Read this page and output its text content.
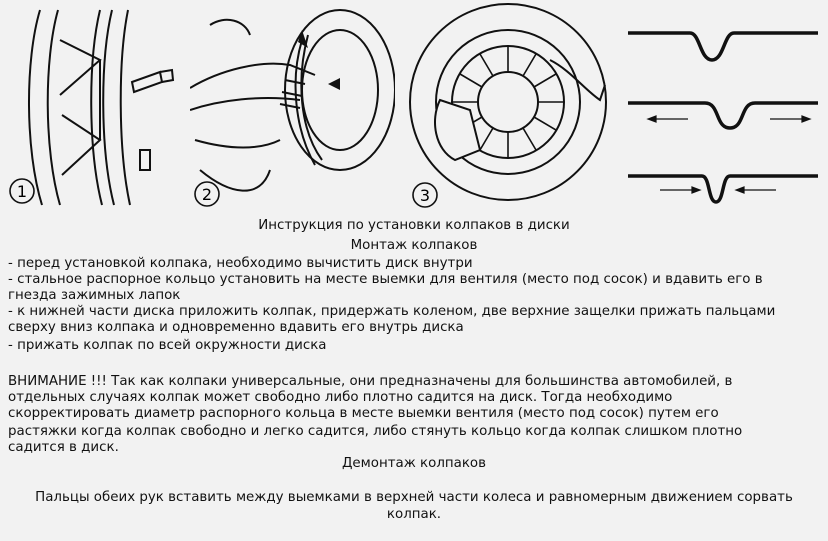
1	2	3
Инструкция по установки колпаков в диски
Монтаж колпаков
- перед установкой колпака, необходимо вычистить диск внутри
- стальное распорное кольцо установить на месте выемки для вентиля (место под сосок) и вдавить его в
гнезда зажимных лапок
- к нижней части диска приложить колпак, придержать коленом, две верхние защелки прижать пальцами
сверху вниз колпака и одновременно вдавить его внутрь диска
- прижать колпак по всей окружности диска
ВНИМАНИЕ !!! Так как колпаки универсальные, они предназначены для большинства автомобилей, в
отдельных случаях колпак может свободно либо плотно садится на диск. Тогда необходимо
скорректировать диаметр распорного кольца в месте выемки вентиля (место под сосок) путем его
растяжки когда колпак свободно и легко садится, либо стянуть кольцо когда колпак слишком плотно
садится в диск.
Демонтаж колпаков
Пальцы обеих рук вставить между выемками в верхней части колеса и равномерным движением сорвать
колпак.
